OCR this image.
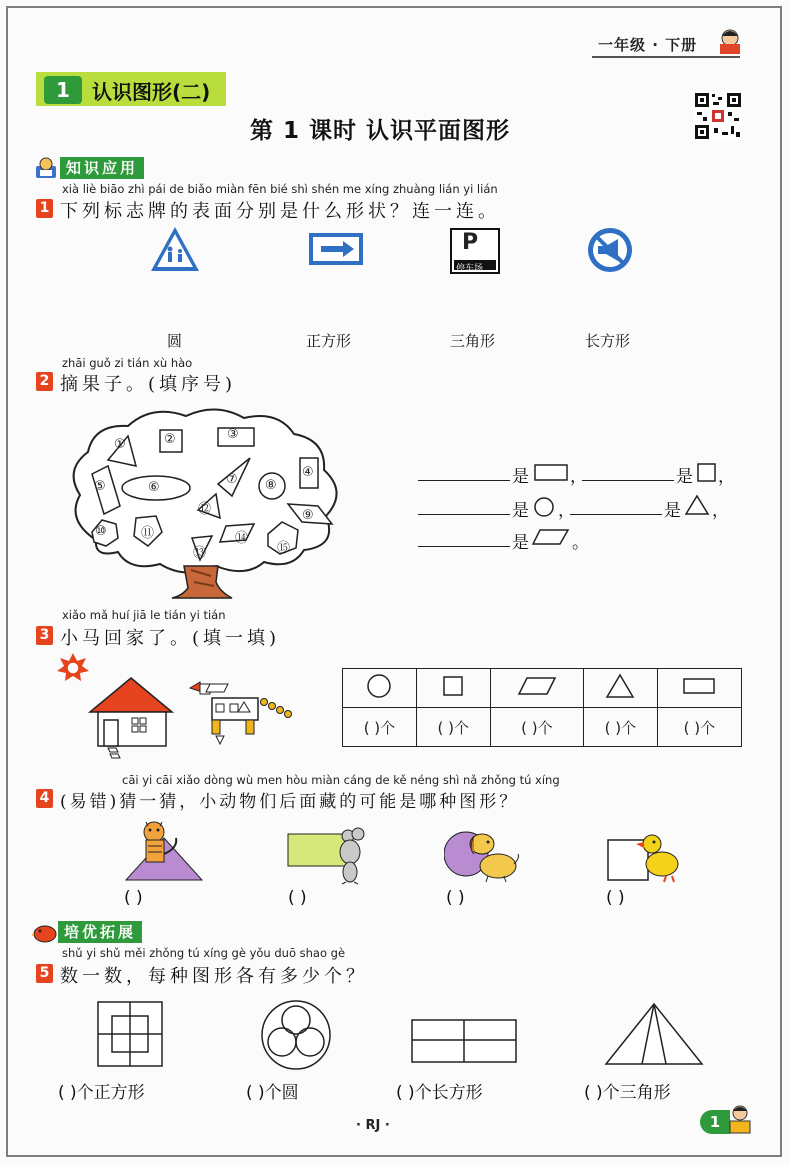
一年级 · 下册
1	认识图形(二)
第 1 课时 认识平面图形
知识应用
xià liè biāo zhì pái de biǎo miàn fēn bié shì shén me xíng zhuàng lián yi lián
1 下列标志牌的表面分别是什么形状？连一连。
P
停车场
圆	正方形	三角形	长方形
zhāi guǒ zi tián xù hào
2 摘果子。(填序号)
①	②	③
④
⑤	⑥
⑦ ⑧
⑨
⑩	⑪
⑫
⑬
⑭
⑮
是 ，	是 ，
是 ，	是 ，
是	。
xiǎo mǎ huí jiā le tián yi tián
3 小马回家了。(填一填)

( )个	( )个	( )个	( )个	( )个
cāi yi cāi xiǎo dòng wù men hòu miàn cáng de kě néng shì nǎ zhǒng tú xíng
4 (易错)猜一猜，小动物们后面藏的可能是哪种图形？
( )	( )	( )	( )
培优拓展
shǔ yi shǔ měi zhǒng tú xíng gè yǒu duō shao gè
5 数一数，每种图形各有多少个？
( )个正方形	( )个圆	( )个长方形	( )个三角形
· RJ ·	1
